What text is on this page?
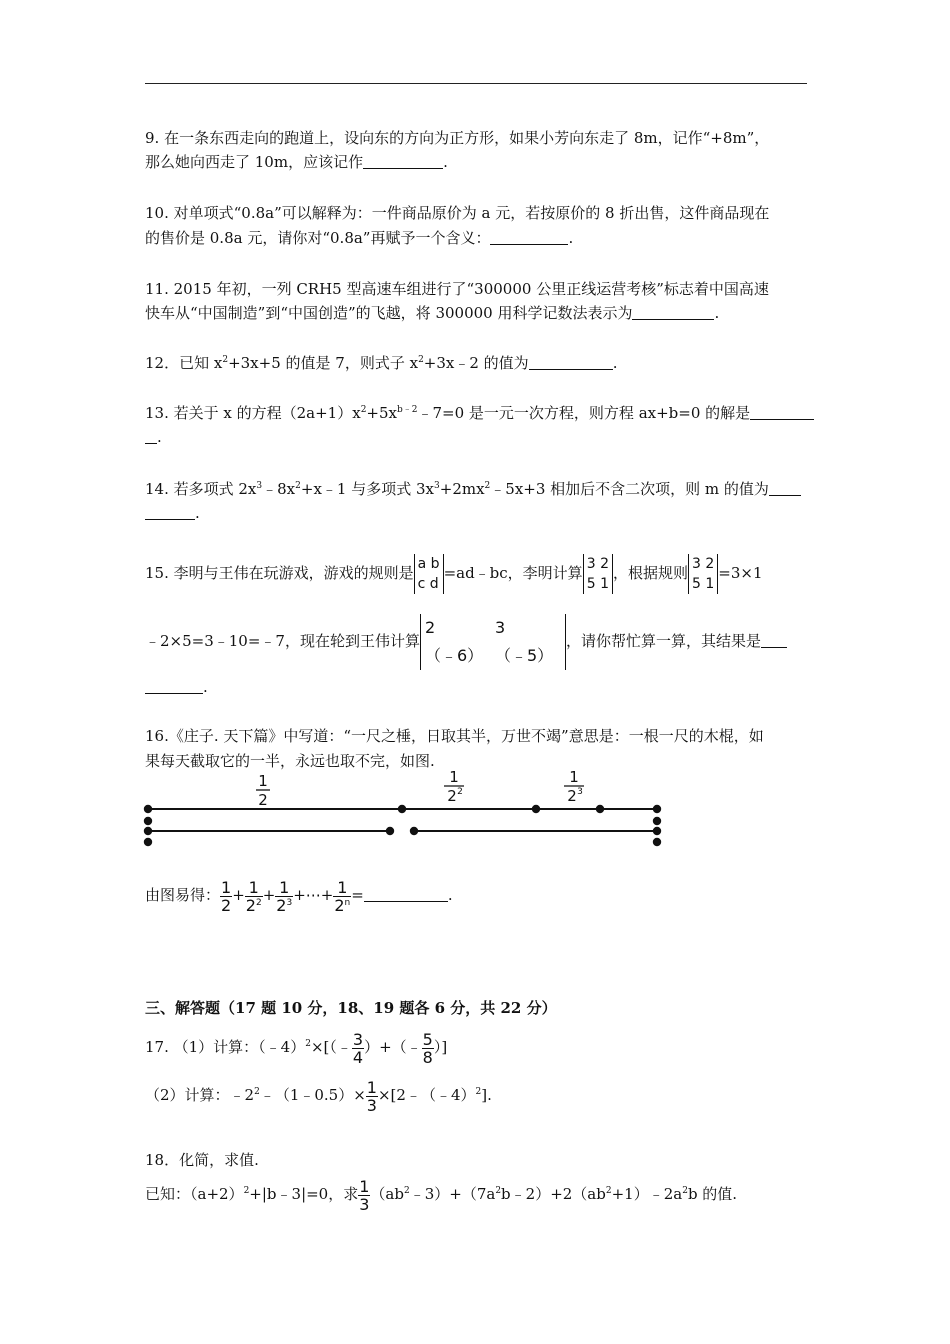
9. 在一条东西走向的跑道上，设向东的方向为正方形，如果小芳向东走了 8m，记作“+8m”，
那么她向西走了 10m，应该记作	.
10. 对单项式“0.8a”可以解释为：一件商品原价为 a 元，若按原价的 8 折出售，这件商品现在
的售价是 0.8a 元，请你对“0.8a”再赋予一个含义：	.
11. 2015 年初，一列 CRH5 型高速车组进行了“300000 公里正线运营考核”标志着中国高速
快车从“中国制造”到“中国创造”的飞越，将 300000 用科学记数法表示为	.
12．已知 $x^2+3x+5$ 的值是 7，则式子 $x^2+3x﹣2$ 的值为	.
13. 若关于 x 的方程$(2a+1)x^2+5x^{b﹣2}﹣7=0$ 是一元一次方程，则方程 ax+b=0 的解是
.
14. 若多项式 $2x^3﹣8x^2+x﹣1$ 与多项式 $3x^3+2mx^2﹣5x+3$ 相加后不含二次项，则 m 的值为
.
15. 李明与王伟在玩游戏，游戏的规则是 a b
c d=ad﹣bc，李明计算 3 2
5 1，根据规则 3 2
5 1=3×1
﹣2×5=3﹣10=﹣7，现在轮到王伟计算2	3
（﹣6） （﹣5），请你帮忙算一算，其结果是
.
16.《庄子. 天下篇》中写道：“一尺之棰，日取其半，万世不竭”意思是：一根一尺的木棍，如
果每天截取它的一半，永远也取不完，如图.
1
2
1
2 2
1
2 3
由图易得： $\frac{1}{2} + \frac{1}{2^2} + \frac{1}{2^3}$ +⋯+ $\frac{1}{2^n}$ =	.
三、解答题（17 题 10 分，18、19 题各 6 分，共 22 分）
17. （1）计算：（﹣4）$^2$×[（﹣ $\frac{3}{4}$ ）+（﹣ $\frac{5}{8}$ ）]
（2）计算：$﹣2^2﹣(1﹣0.5)\times \frac{1}{3}$ ×[2﹣（﹣4）$^2$].
18．化简，求值.
已知：$(a+2)^2+|b﹣3|=0$，求 $\frac{1}{3}$ $(ab^2﹣3)+(7a^2b﹣2)+2(ab^2+1)﹣2a^2b$ 的值.
